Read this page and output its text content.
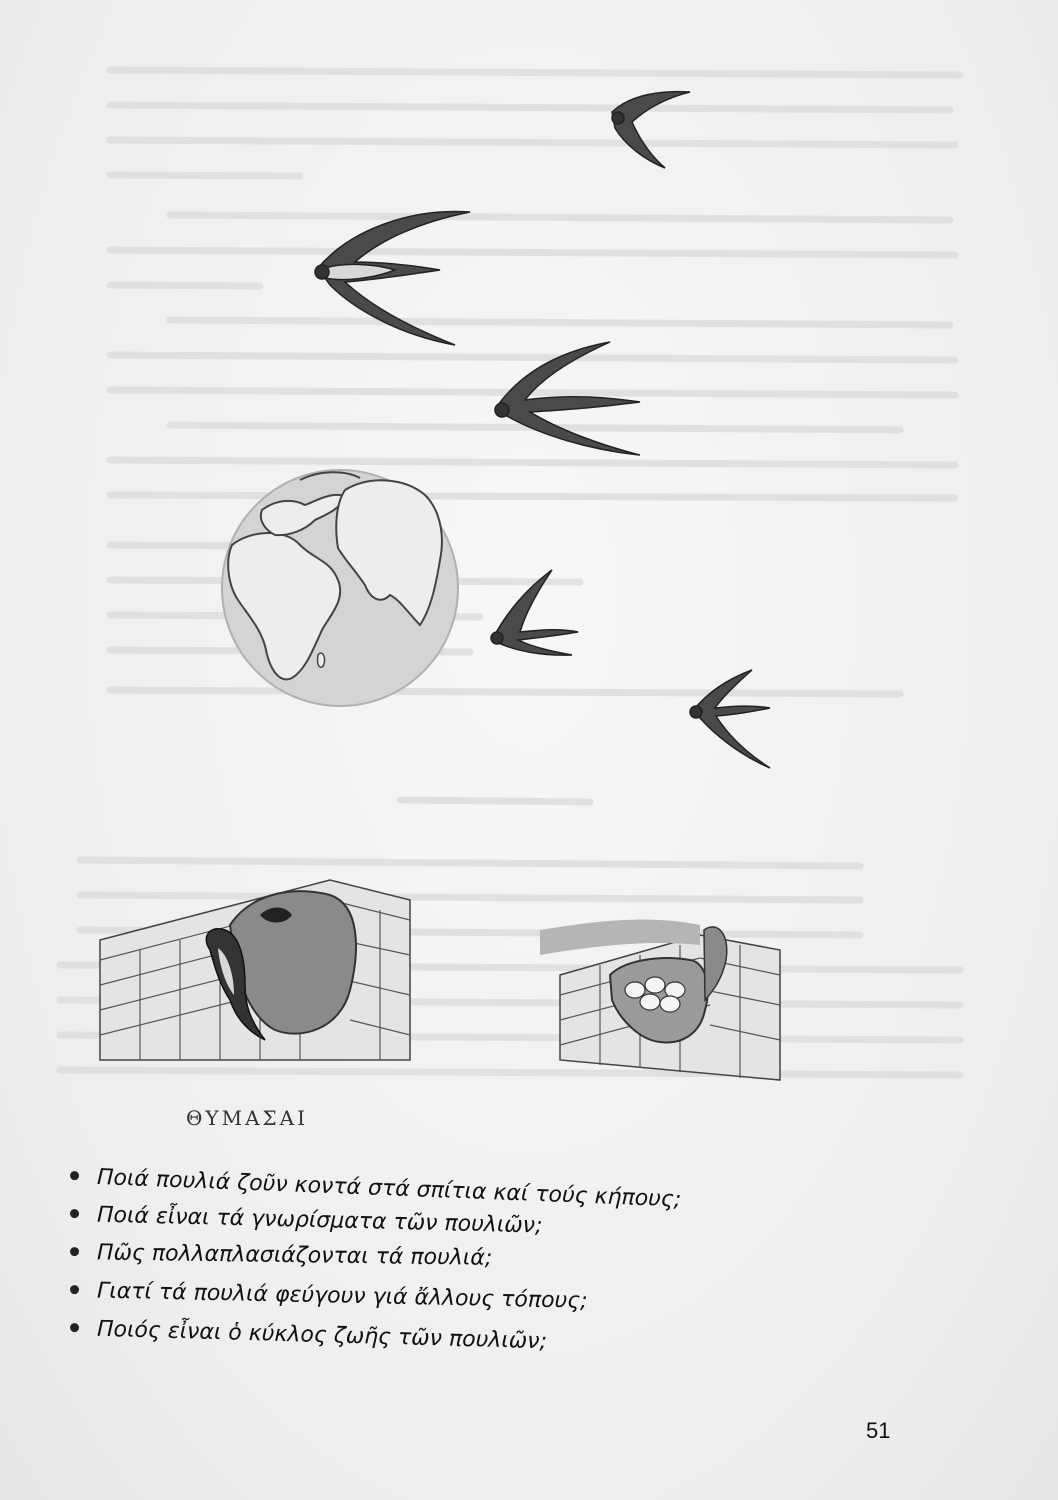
ΘΥΜΑΣΑΙ
Ποιά πουλιά ζοῦν κοντά στά σπίτια καί τούς κήπους;
Ποιά εἶναι τά γνωρίσματα τῶν πουλιῶν;
Πῶς πολλαπλασιάζονται τά πουλιά;
Γιατί τά πουλιά φεύγουν γιά ἄλλους τόπους;
Ποιός εἶναι ὁ κύκλος ζωῆς τῶν πουλιῶν;
51
